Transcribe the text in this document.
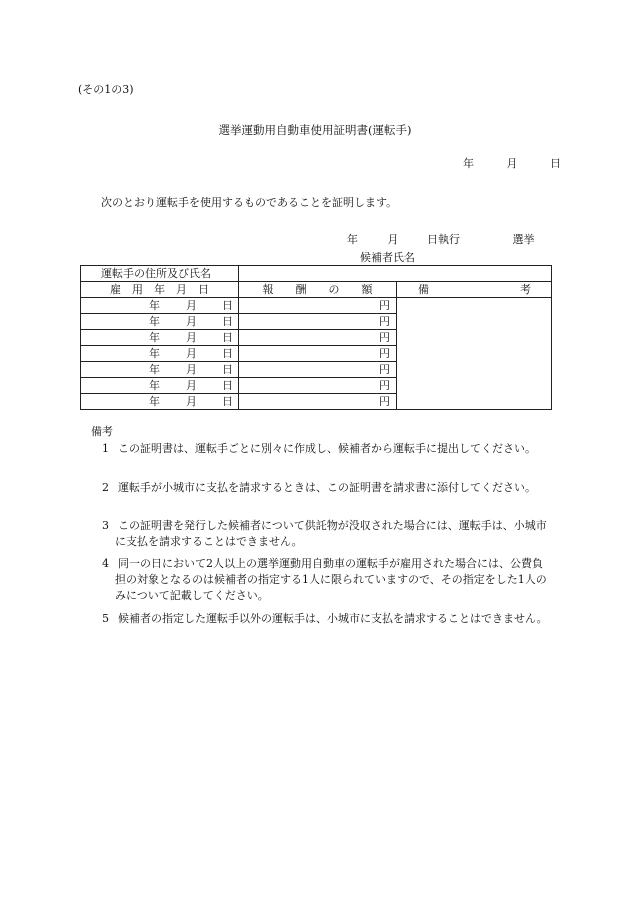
(その1の3)
選挙運動用自動車使用証明書(運転手)
年	月	日
次のとおり運転手を使用するものであることを証明します。
年	月	日執行	選挙
候補者氏名
運転手の住所及び氏名		
雇　用　年　月　日	報　　酬　　の　　額	備 考

年 月 日	円	

年 月 日	円	

年 月 日	円	

年 月 日	円	

年 月 日	円	

年 月 日	円	

年 月 日	円	
備考
1 この証明書は、運転手ごとに別々に作成し、候補者から運転手に提出してください。
2 運転手が小城市に支払を請求するときは、この証明書を請求書に添付してください。
3 この証明書を発行した候補者について供託物が没収された場合には、運転手は、小城市に支払を請求することはできません。
4 同一の日において2人以上の選挙運動用自動車の運転手が雇用された場合には、公費負担の対象となるのは候補者の指定する1人に限られていますので、その指定をした1人のみについて記載してください。
5 候補者の指定した運転手以外の運転手は、小城市に支払を請求することはできません。
